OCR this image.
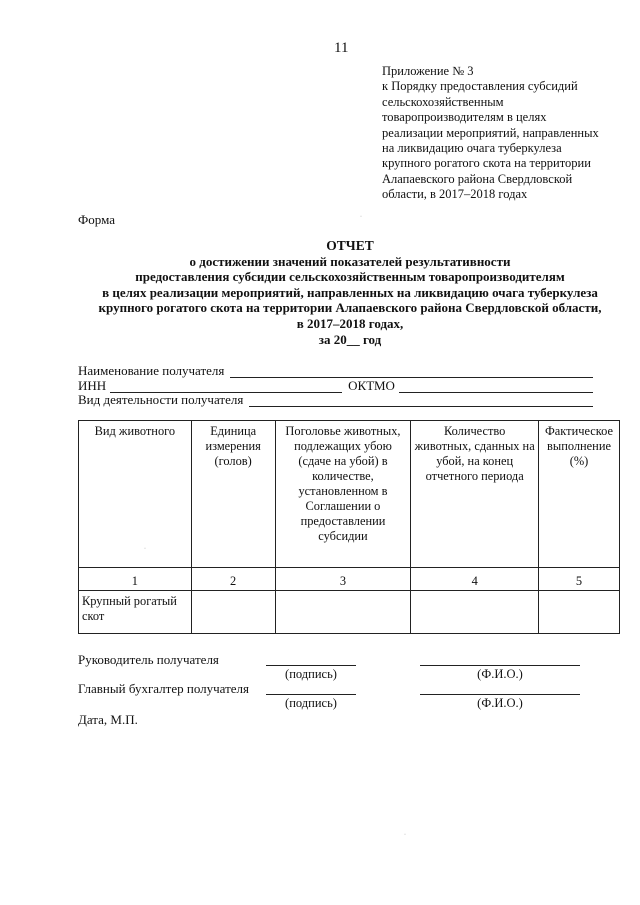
11
Приложение № 3
к Порядку предоставления субсидий
сельскохозяйственным
товаропроизводителям в целях
реализации мероприятий, направленных
на ликвидацию очага туберкулеза
крупного рогатого скота на территории
Алапаевского района Свердловской
области, в 2017–2018 годах
Форма
ОТЧЕТ
о достижении значений показателей результативности
предоставления субсидии сельскохозяйственным товаропроизводителям
в целях реализации мероприятий, направленных на ликвидацию очага туберкулеза
крупного рогатого скота на территории Алапаевского района Свердловской области,
в 2017–2018 годах,
за 20__ год
Наименование получателя
ИНН	ОКТМО
Вид деятельности получателя
Вид животного	Единица измерения (голов)	Поголовье животных, подлежащих убою (сдаче на убой) в количестве, установленном в Соглашении о предоставлении субсидии	Количество животных, сданных на убой, на конец отчетного периода	Фактическое выполнение (%)
1	2	3	4	5
Крупный рогатый скот				
Руководитель получателя
(подпись)	(Ф.И.О.)
Главный бухгалтер получателя
(подпись)	(Ф.И.О.)
Дата, М.П.
·
·
·
